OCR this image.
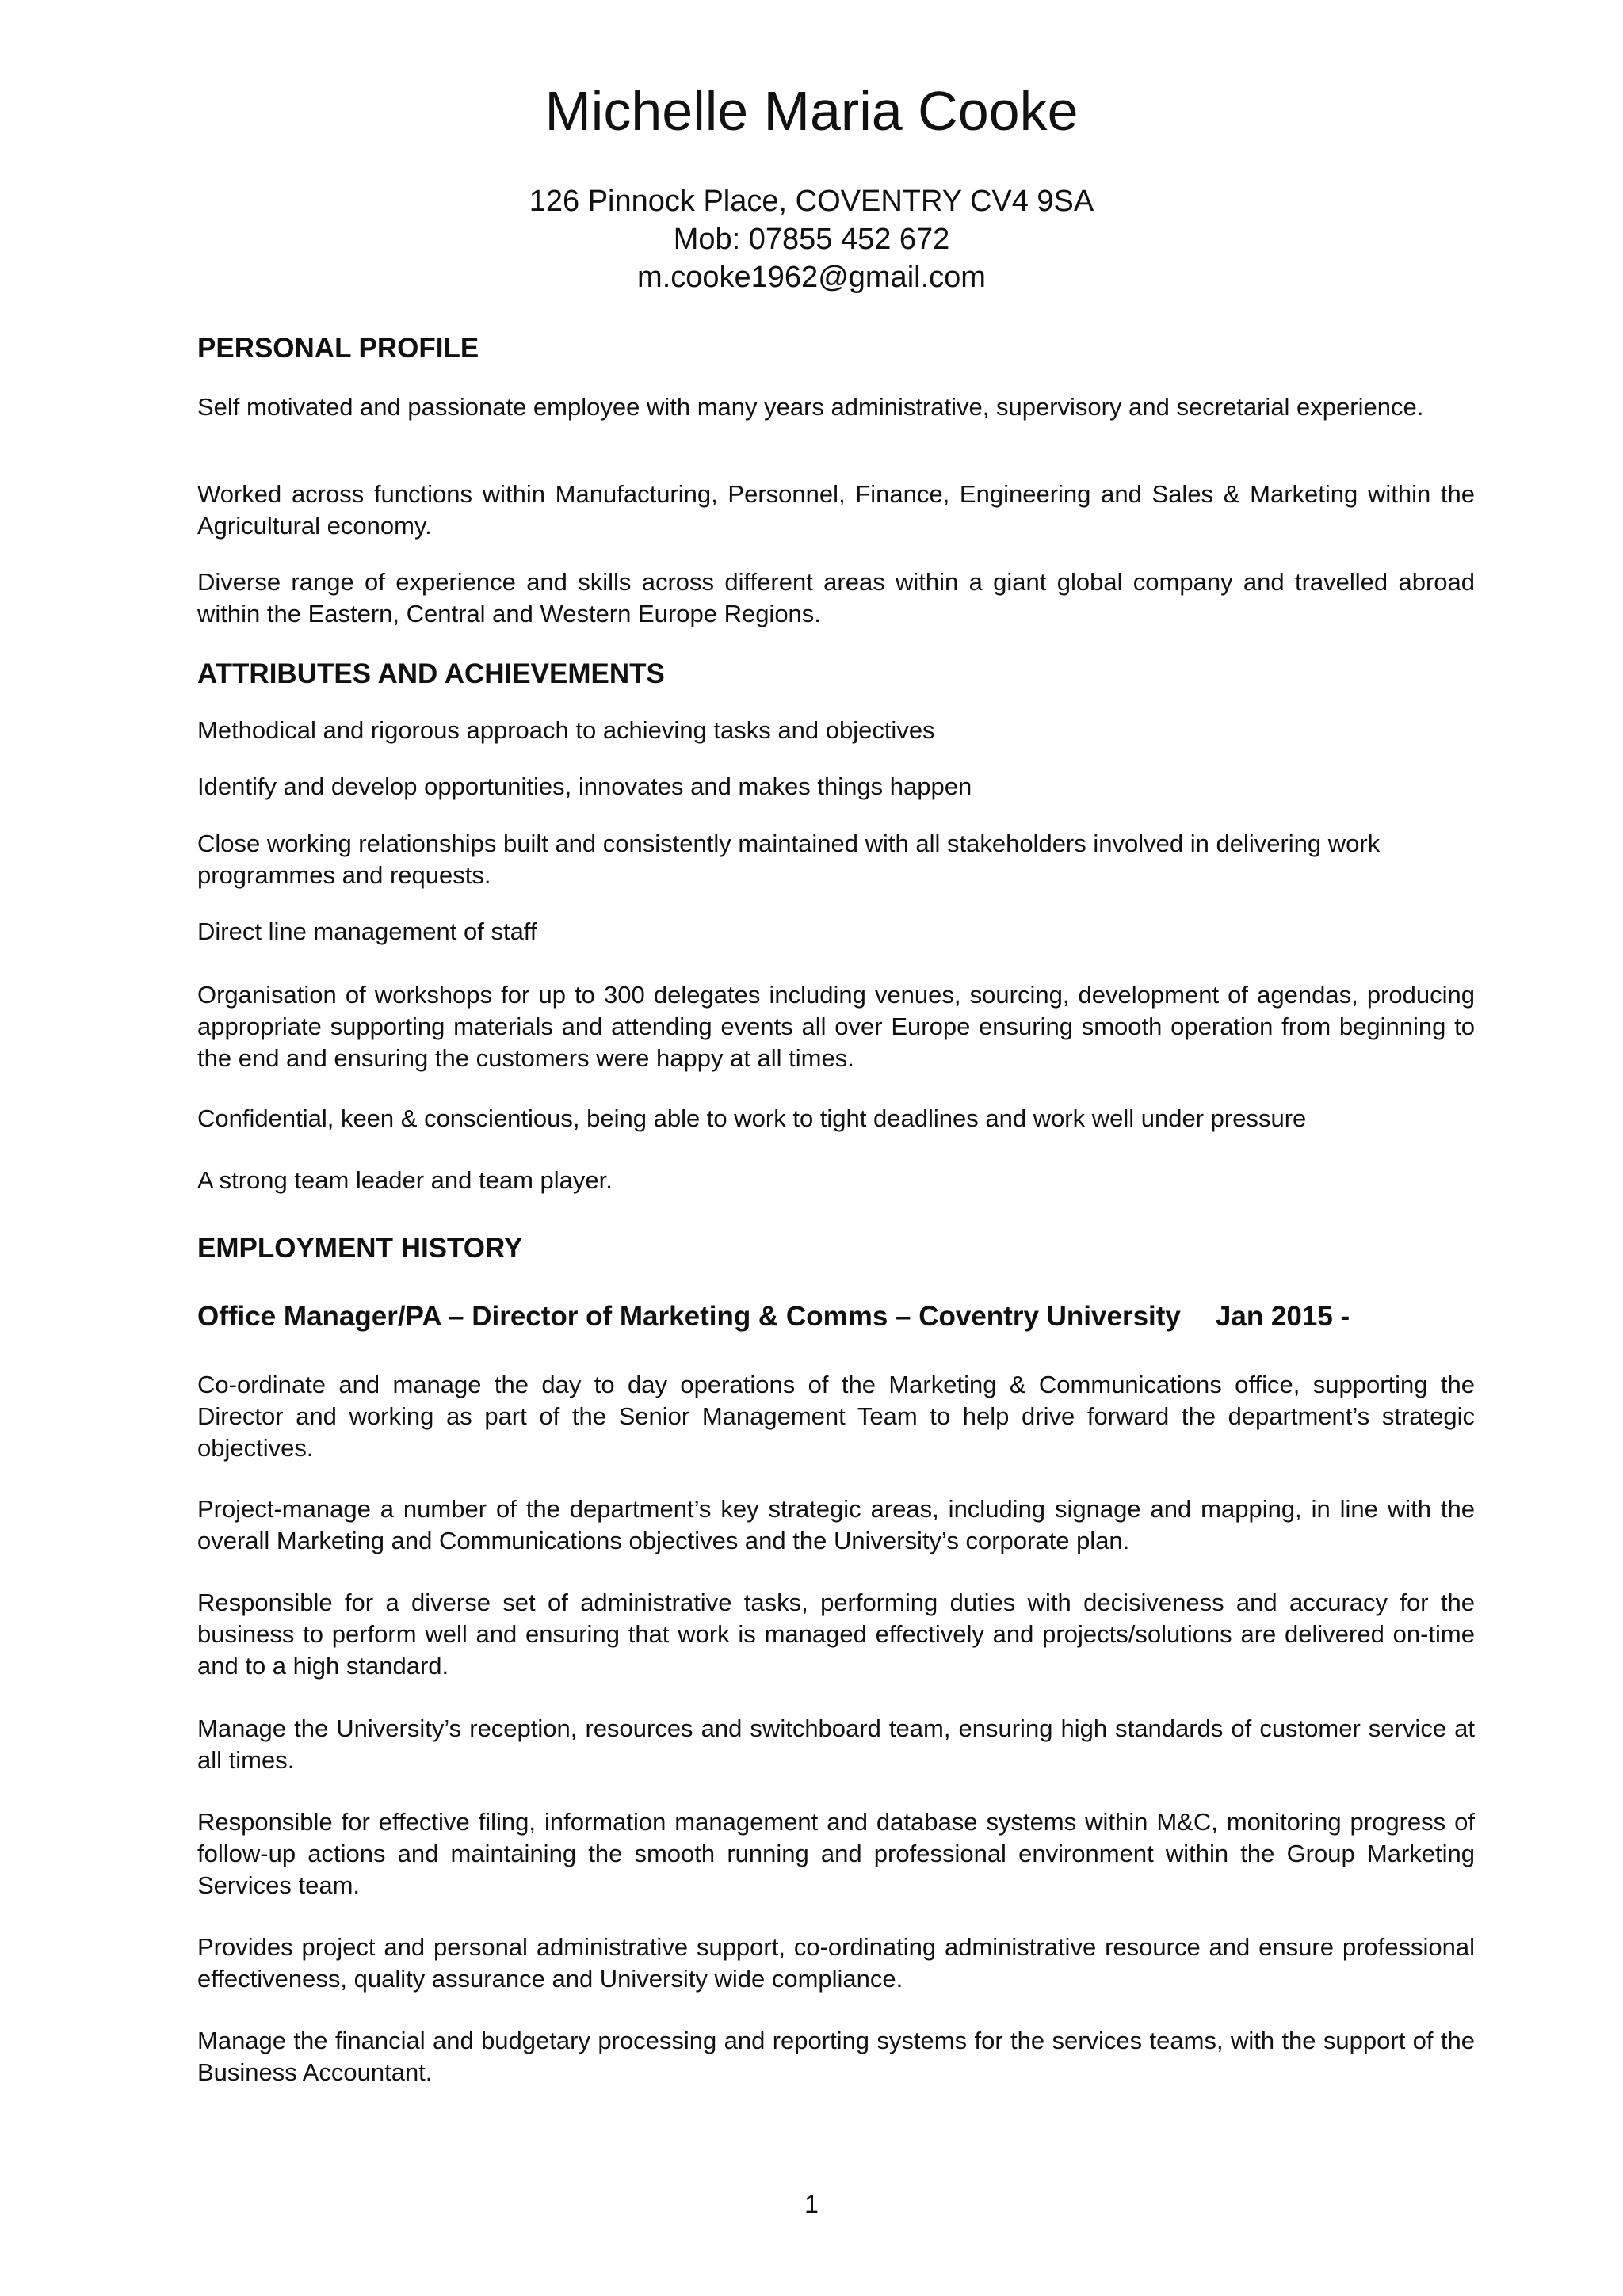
Michelle Maria Cooke
126 Pinnock Place, COVENTRY CV4 9SA
Mob: 07855 452 672
m.cooke1962@gmail.com
PERSONAL PROFILE

Self motivated and passionate employee with many years administrative, supervisory and secretarial experience.

Worked across functions within Manufacturing, Personnel, Finance, Engineering and Sales & Marketing within the Agricultural economy.

Diverse range of experience and skills across different areas within a giant global company and travelled abroad within the Eastern, Central and Western Europe Regions.

ATTRIBUTES AND ACHIEVEMENTS

Methodical and rigorous approach to achieving tasks and objectives

Identify and develop opportunities, innovates and makes things happen

Close working relationships built and consistently maintained with all stakeholders involved in delivering work programmes and requests.

Direct line management of staff

Organisation of workshops for up to 300 delegates including venues, sourcing, development of agendas, producing appropriate supporting materials and attending events all over Europe ensuring smooth operation from beginning to the end and ensuring the customers were happy at all times.

Confidential, keen & conscientious, being able to work to tight deadlines and work well under pressure

A strong team leader and team player.

EMPLOYMENT HISTORY
Office Manager/PA – Director of Marketing & Comms – Coventry University Jan 2015 -

Co-ordinate and manage the day to day operations of the Marketing & Communications office, supporting the Director and working as part of the Senior Management Team to help drive forward the department’s strategic objectives.

Project-manage a number of the department’s key strategic areas, including signage and mapping, in line with the overall Marketing and Communications objectives and the University’s corporate plan.

Responsible for a diverse set of administrative tasks, performing duties with decisiveness and accuracy for the business to perform well and ensuring that work is managed effectively and projects/solutions are delivered on-time and to a high standard.

Manage the University’s reception, resources and switchboard team, ensuring high standards of customer service at all times.

Responsible for effective filing, information management and database systems within M&C, monitoring progress of follow-up actions and maintaining the smooth running and professional environment within the Group Marketing Services team.

Provides project and personal administrative support, co-ordinating administrative resource and ensure professional effectiveness, quality assurance and University wide compliance.

Manage the financial and budgetary processing and reporting systems for the services teams, with the support of the Business Accountant.

1
